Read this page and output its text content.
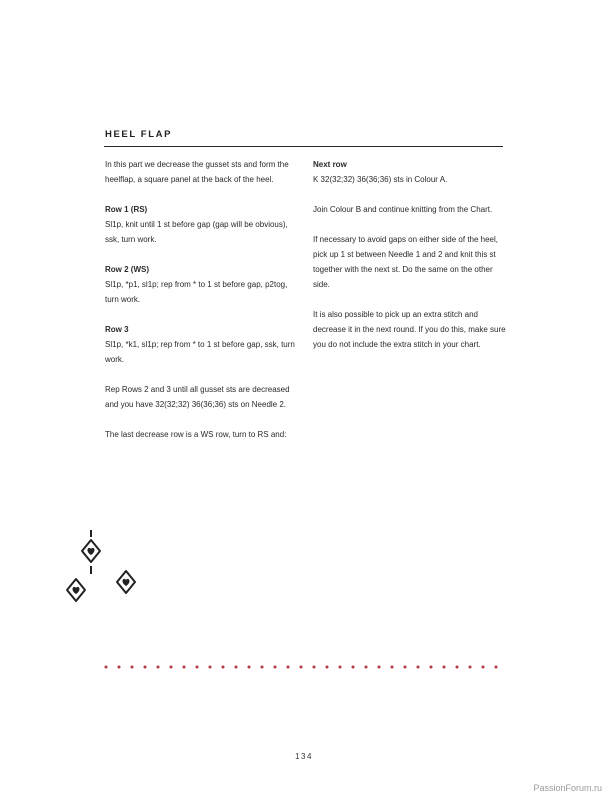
HEEL FLAP

In this part we decrease the gusset sts and form the heelflap, a square panel at the back of the heel.

Row 1 (RS)
Sl1p, knit until 1 st before gap (gap will be obvious), ssk, turn work.

Row 2 (WS)
Sl1p, *p1, sl1p; rep from * to 1 st before gap, p2tog, turn work.

Row 3
Sl1p, *k1, sl1p; rep from * to 1 st before gap, ssk, turn work.

Rep Rows 2 and 3 until all gusset sts are decreased and you have 32(32;32) 36(36;36) sts on Needle 2.

The last decrease row is a WS row, turn to RS and:

Next row
K 32(32;32) 36(36;36) sts in Colour A.

Join Colour B and continue knitting from the Chart.

If necessary to avoid gaps on either side of the heel, pick up 1 st between Needle 1 and 2 and knit this st together with the next st. Do the same on the other side.

It is also possible to pick up an extra stitch and decrease it in the next round. If you do this, make sure you do not include the extra stitch in your chart.

134
PassionForum.ru
